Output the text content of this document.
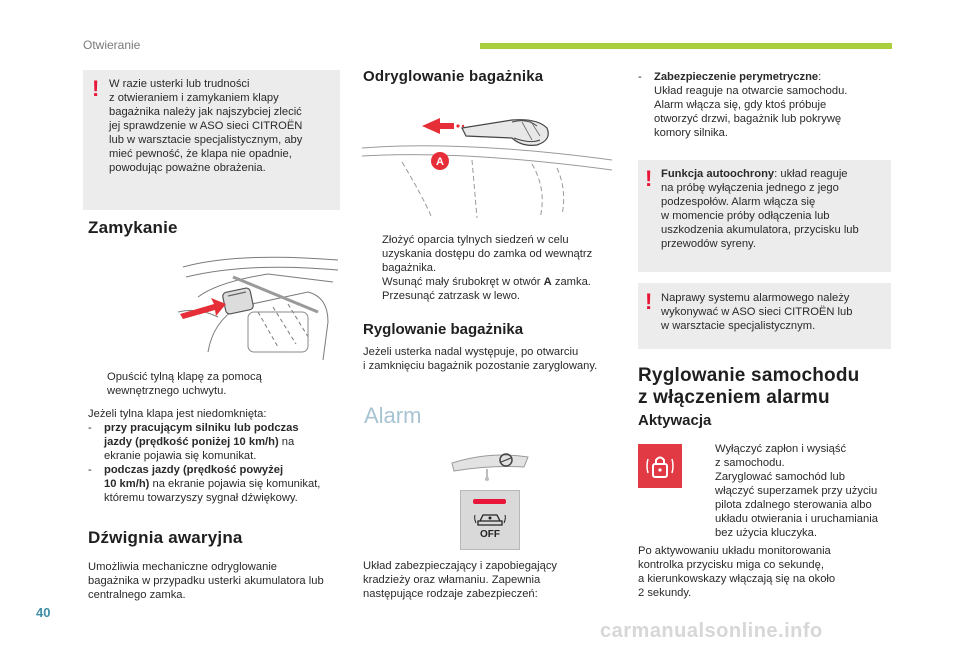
Otwieranie
! W razie usterki lub trudności
z otwieraniem i zamykaniem klapy
bagażnika należy jak najszybciej zlecić
jej sprawdzenie w ASO sieci CITROËN
lub w warsztacie specjalistycznym, aby
mieć pewność, że klapa nie opadnie,
powodując poważne obrażenia.
Zamykanie
Opuścić tylną klapę za pomocą
wewnętrznego uchwytu.
Jeżeli tylna klapa jest niedomknięta:
- przy pracującym silniku lub podczas
jazdy (prędkość poniżej 10 km/h) na
ekranie pojawia się komunikat.
- podczas jazdy (prędkość powyżej
10 km/h) na ekranie pojawia się komunikat,
któremu towarzyszy sygnał dźwiękowy.
Dźwignia awaryjna
Umożliwia mechaniczne odryglowanie
bagażnika w przypadku usterki akumulatora lub
centralnego zamka.
Odryglowanie bagażnika
A
Złożyć oparcia tylnych siedzeń w celu
uzyskania dostępu do zamka od wewnątrz
bagażnika.
Wsunąć mały śrubokręt w otwór A zamka.
Przesunąć zatrzask w lewo.
Ryglowanie bagażnika
Jeżeli usterka nadal występuje, po otwarciu
i zamknięciu bagażnik pozostanie zaryglowany.
Alarm
OFF
Układ zabezpieczający i zapobiegający
kradzieży oraz włamaniu. Zapewnia
następujące rodzaje zabezpieczeń:
- Zabezpieczenie perymetryczne:
Układ reaguje na otwarcie samochodu.
Alarm włącza się, gdy ktoś próbuje
otworzyć drzwi, bagażnik lub pokrywę
komory silnika.
! Funkcja autoochrony: układ reaguje
na próbę wyłączenia jednego z jego
podzespołów. Alarm włącza się
w momencie próby odłączenia lub
uszkodzenia akumulatora, przycisku lub
przewodów syreny.
! Naprawy systemu alarmowego należy
wykonywać w ASO sieci CITROËN lub
w warsztacie specjalistycznym.
Ryglowanie samochodu
z włączeniem alarmu
Aktywacja
Wyłączyć zapłon i wysiąść
z samochodu.
Zaryglować samochód lub
włączyć superzamek przy użyciu
pilota zdalnego sterowania albo
układu otwierania i uruchamiania
bez użycia kluczyka.
Po aktywowaniu układu monitorowania
kontrolka przycisku miga co sekundę,
a kierunkowskazy włączają się na około
2 sekundy.
40
carmanualsonline.info
